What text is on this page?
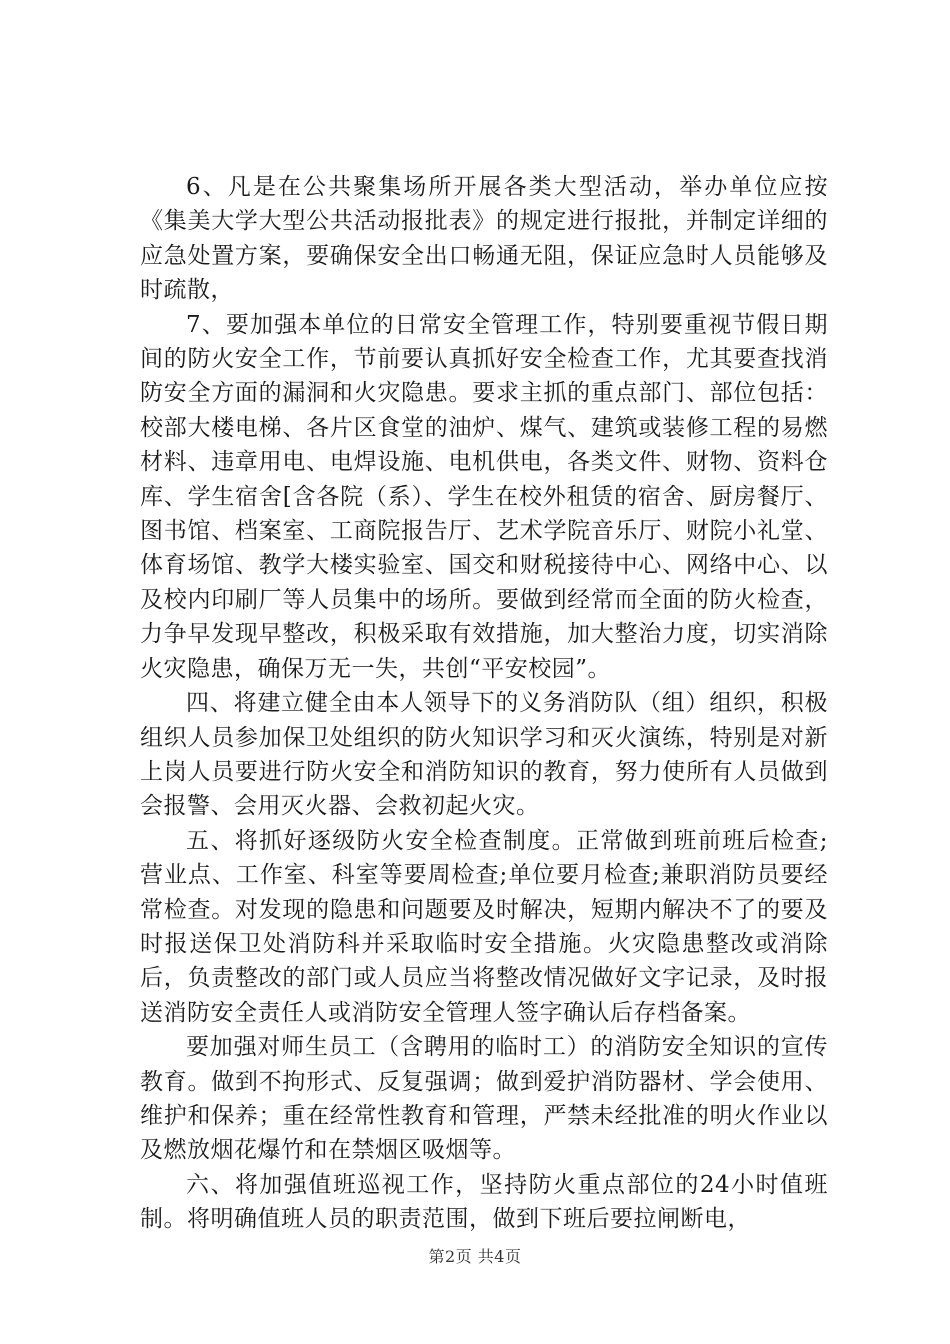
6、凡是在公共聚集场所开展各类大型活动，举办单位应按《集美大学大型公共活动报批表》的规定进行报批，并制定详细的应急处置方案，要确保安全出口畅通无阻，保证应急时人员能够及时疏散，

7、要加强本单位的日常安全管理工作，特别要重视节假日期间的防火安全工作，节前要认真抓好安全检查工作，尤其要查找消防安全方面的漏洞和火灾隐患。要求主抓的重点部门、部位包括：校部大楼电梯、各片区食堂的油炉、煤气、建筑或装修工程的易燃材料、违章用电、电焊设施、电机供电，各类文件、财物、资料仓库、学生宿舍[含各院（系）、学生在校外租赁的宿舍、厨房餐厅、图书馆、档案室、工商院报告厅、艺术学院音乐厅、财院小礼堂、体育场馆、教学大楼实验室、国交和财税接待中心、网络中心、以及校内印刷厂等人员集中的场所。要做到经常而全面的防火检查，力争早发现早整改，积极采取有效措施，加大整治力度，切实消除火灾隐患，确保万无一失，共创“平安校园”。

四、将建立健全由本人领导下的义务消防队（组）组织，积极组织人员参加保卫处组织的防火知识学习和灭火演练，特别是对新上岗人员要进行防火安全和消防知识的教育，努力使所有人员做到会报警、会用灭火器、会救初起火灾。

五、将抓好逐级防火安全检查制度。正常做到班前班后检查;营业点、工作室、科室等要周检查;单位要月检查;兼职消防员要经常检查。对发现的隐患和问题要及时解决，短期内解决不了的要及时报送保卫处消防科并采取临时安全措施。火灾隐患整改或消除后，负责整改的部门或人员应当将整改情况做好文字记录，及时报送消防安全责任人或消防安全管理人签字确认后存档备案。

要加强对师生员工（含聘用的临时工）的消防安全知识的宣传教育。做到不拘形式、反复强调；做到爱护消防器材、学会使用、维护和保养；重在经常性教育和管理，严禁未经批准的明火作业以及燃放烟花爆竹和在禁烟区吸烟等。

六、将加强值班巡视工作，坚持防火重点部位的24小时值班制。将明确值班人员的职责范围，做到下班后要拉闸断电，

第2页 共4页
